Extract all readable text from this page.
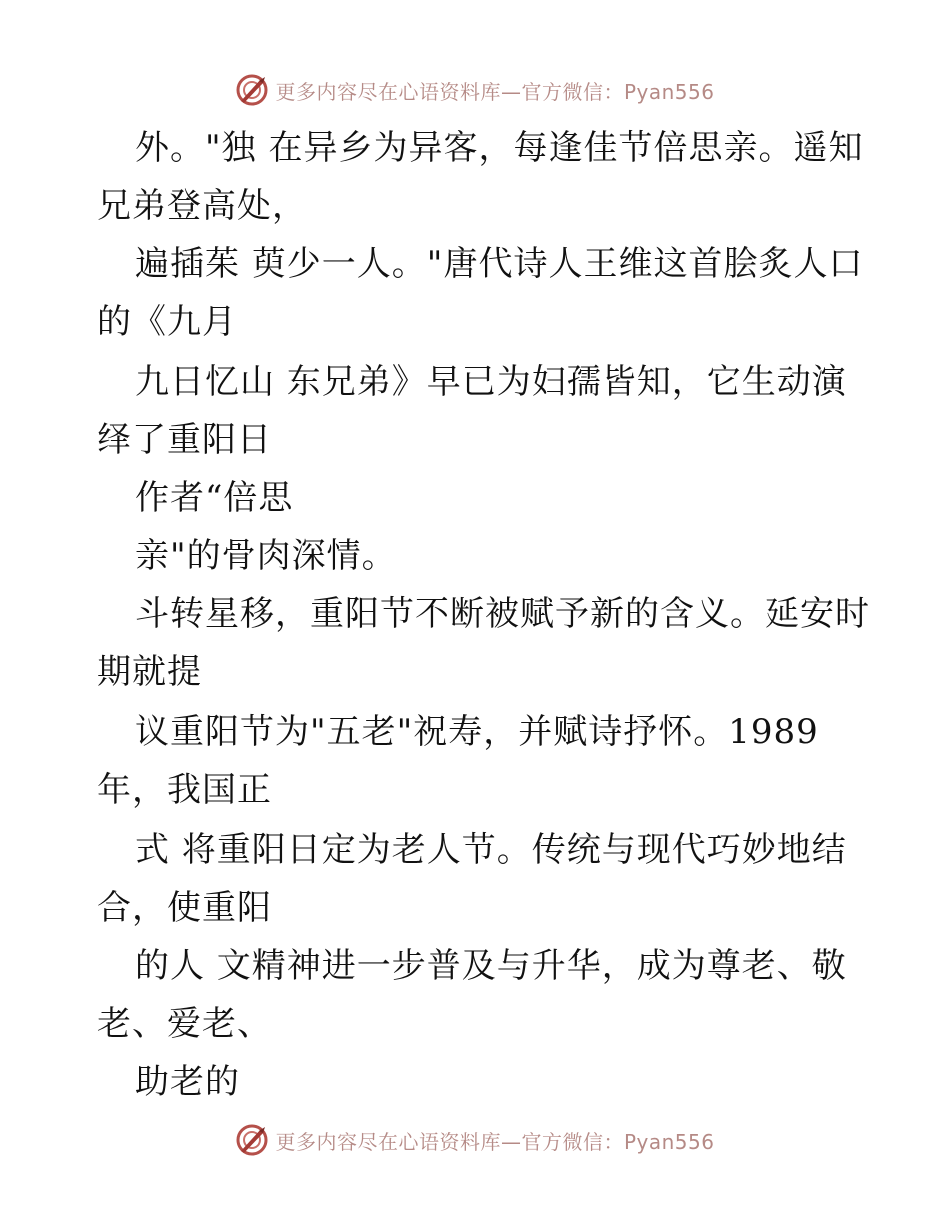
更多内容尽在心语资料库—官方微信：Pyan556
外。"独 在异乡为异客，每逢佳节倍思亲。遥知
兄弟登高处，
遍插茱 萸少一人。"唐代诗人王维这首脍炙人口
的《九月
九日忆山 东兄弟》早已为妇孺皆知，它生动演
绎了重阳日
作者“倍思
亲"的骨肉深情。
斗转星移，重阳节不断被赋予新的含义。延安时
期就提
议重阳节为"五老"祝寿，并赋诗抒怀。1989
年，我国正
式 将重阳日定为老人节。传统与现代巧妙地结
合，使重阳
的人 文精神进一步普及与升华，成为尊老、敬
老、爱老、
助老的
更多内容尽在心语资料库—官方微信：Pyan556
